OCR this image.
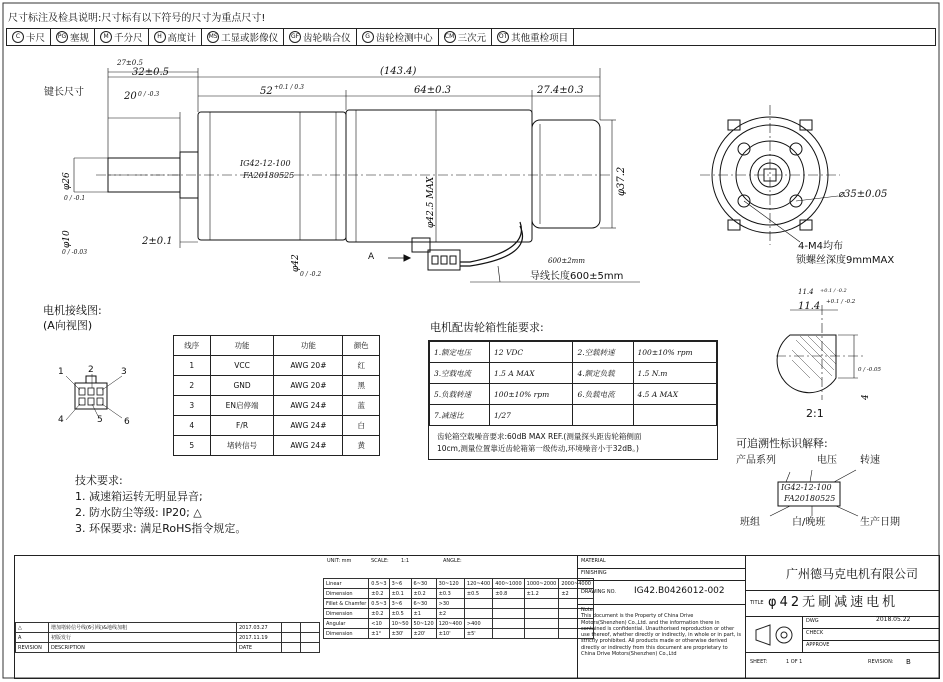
尺寸标注及检具说明:尺寸标有以下符号的尺寸为重点尺寸!
C 卡尺	PG 塞规	M 千分尺	H 高度计 MS 工显或影像仪	GF 齿轮啮合仪	G 齿轮检测中心 CM 三次元 OT 其他重检项目
φ42.5 MAX	φ37.2
φ26
φ10
φ42
4
27±0.5
32±0.5
键长尺寸	20 0 / -0.3	52 +0.1 / 0.3
(143.4)
64±0.3	27.4±0.3
0 / -0.1
0 / -0.03
2±0.1
0 / -0.2
A	600±2mm
导线长度600±5mm
IG42-12-100
FA20180525
⌀35±0.05
4-M4均布
锁螺丝深度9mmMAX
11.4 +0.1 / -0.2
11.4 +0.1 / -0.2
0 / -0.05
2:1
电机接线图:
(A向视图)
1	2	3
4	5 6
线序	功能	功能	颜色
1	VCC	AWG 20#	红
2	GND	AWG 20#	黑
3	EN启停端	AWG 24#	蓝
4	F/R	AWG 24#	白
5	堵转信号	AWG 24#	黄
电机配齿轮箱性能要求:
1.额定电压	12 VDC	2.空载转速	100±10% rpm
3.空载电流	1.5 A MAX	4.额定负载	1.5 N.m
5.负载转速	100±10% rpm	6.负载电流	4.5 A MAX
7.减速比	1/27		
齿轮箱空载噪音要求:60dB MAX REF.(测量探头距齿轮箱侧面
10cm,测量位置靠近齿轮箱第一级传动,环境噪音小于32dB。)
技术要求:
1. 减速箱运转无明显异音;
2. 防水防尘等级: IP20; △
3. 环保要求: 满足RoHS指令规定。
可追溯性标识解释:
产品系列	电压 转速
IG42-12-100
FA20180525
班组	白/晚班	生产日期
△	增加堵转信号线(6引线)&地线加粗	2017.03.27		
A	初版发行	2017.11.19		
REVISION	DESCRIPTION	DATE		
UNIT: mm	SCALE: 1:1	ANGLE:
Linear	0.5~3	3~6	6~30	30~120	120~400	400~1000	1000~2000	2000~4000
Dimension	±0.2	±0.1	±0.2	±0.3	±0.5	±0.8	±1.2	±2
Fillet & Chamfer	0.5~3	3~6	6~30	>30				
Dimension	±0.2	±0.5	±1	±2				
Angular	<10	10~50	50~120	120~400	>400			
Dimension	±1°	±30'	±20'	±10'	±5'			
MATERIAL
FINISHING
DRAWING NO. IG42.B0426012-002
Note:
This document is the Property of China Drive
Motors(Shenzhen) Co.,Ltd. and the information there in
contained is confidential. Unauthorised reproduction or other
use thereof, whether directly or indirectly, in whole or in part, is
strictly prohibited. All products made or otherwise derived
directly or indirectly from this document are proprietary to
China Drive Motors(Shenzhen) Co.,Ltd
广州德马克电机有限公司
TITLE φ42无刷减速电机
DWG	2018.05.22
CHECK
APPROVE
SHEET:	1 OF 1	REVISION: B
